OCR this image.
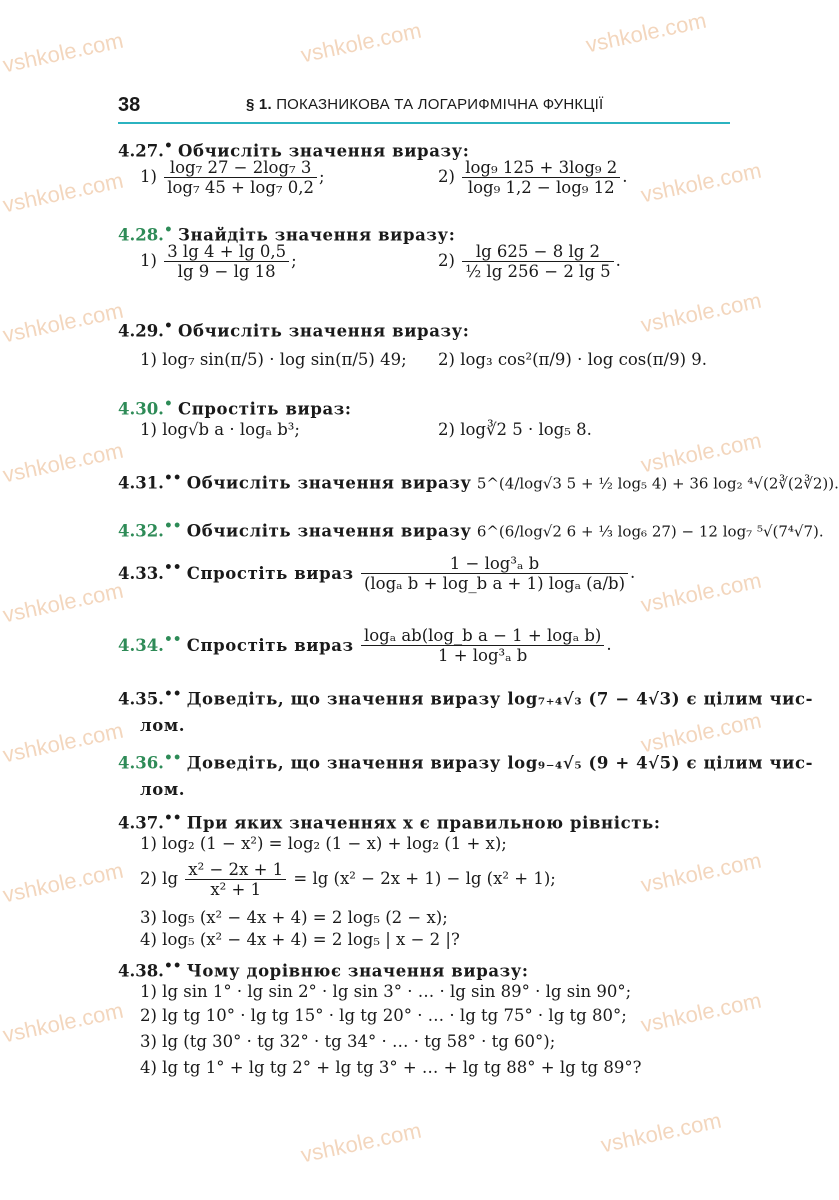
vshkole.com	vshkole.com	vshkole.com
vshkole.com	vshkole.com
vshkole.com	vshkole.com
vshkole.com	vshkole.com
vshkole.com	vshkole.com
vshkole.com	vshkole.com
vshkole.com	vshkole.com
vshkole.com	vshkole.com
vshkole.com	vshkole.com
38	§ 1. ПОКАЗНИКОВА ТА ЛОГАРИФМІЧНА ФУНКЦІЇ
4.27.• Обчисліть значення виразу:
$1) \frac{\text{log₇ 27 − 2log₇ 3}}{\text{log₇ 45 + log₇ 0,2}}$ ;	$2) \frac{\text{log₉ 125 + 3log₉ 2}}{\text{log₉ 1,2 − log₉ 12}}$ .
4.28.• Знайдіть значення виразу:
$1) \frac{3 \lg 4 + \lg 0,5}{\lg 9 - \lg 18}$ ;	$2) \frac{\lg 625 - 8 \lg 2}{\text{½ lg 256 − 2 lg 5}}$ .
4.29.• Обчисліть значення виразу:
1) log₇ sin(π/5) · log sin(π/5) 49; 2) log₃ cos²(π/9) · log cos(π/9) 9.
4.30.• Спростіть вираз:
1) log√b a · logₐ b³;	2) log∛2 5 · log₅ 8.
4.31.•• Обчисліть значення виразу 5^(4/log√3 5 + ½ log₅ 4) + 36 log₂ ⁴√(2∛(2∛2)).
4.32.•• Обчисліть значення виразу 6^(6/log√2 6 + ⅓ log₆ 27) − 12 log₇ ⁵√(7⁴√7).
4.33.•• Спростіть вираз $\frac{\text{1 − log³ₐ b}}{\text{(logₐ b + log\_b a + 1) logₐ (a/b)}}$ .
4.34.•• Спростіть вираз $\frac{\text{logₐ ab(log\_b a − 1 + logₐ b)}}{\text{1 + log³ₐ b}}$ .
4.35.•• Доведіть, що значення виразу log₇₊₄√₃ (7 − 4√3) є цілим чис-
лом.
4.36.•• Доведіть, що значення виразу log₉₋₄√₅ (9 + 4√5) є цілим чис-
лом.
4.37.•• При яких значеннях x є правильною рівність:
1) log₂ (1 − x²) = log₂ (1 − x) + log₂ (1 + x);
2) $\lg \frac{\text{x² − 2x + 1}}{\text{x² + 1}} = \lg (x^2 - 2x + 1) - \lg (x^2 + 1)$;
3) log₅ (x² − 4x + 4) = 2 log₅ (2 − x);
4) log₅ (x² − 4x + 4) = 2 log₅ | x − 2 |?
4.38.•• Чому дорівнює значення виразу:
1) lg sin 1° · lg sin 2° · lg sin 3° · … · lg sin 89° · lg sin 90°;
2) lg tg 10° · lg tg 15° · lg tg 20° · … · lg tg 75° · lg tg 80°;
3) lg (tg 30° · tg 32° · tg 34° · … · tg 58° · tg 60°);
4) lg tg 1° + lg tg 2° + lg tg 3° + … + lg tg 88° + lg tg 89°?
